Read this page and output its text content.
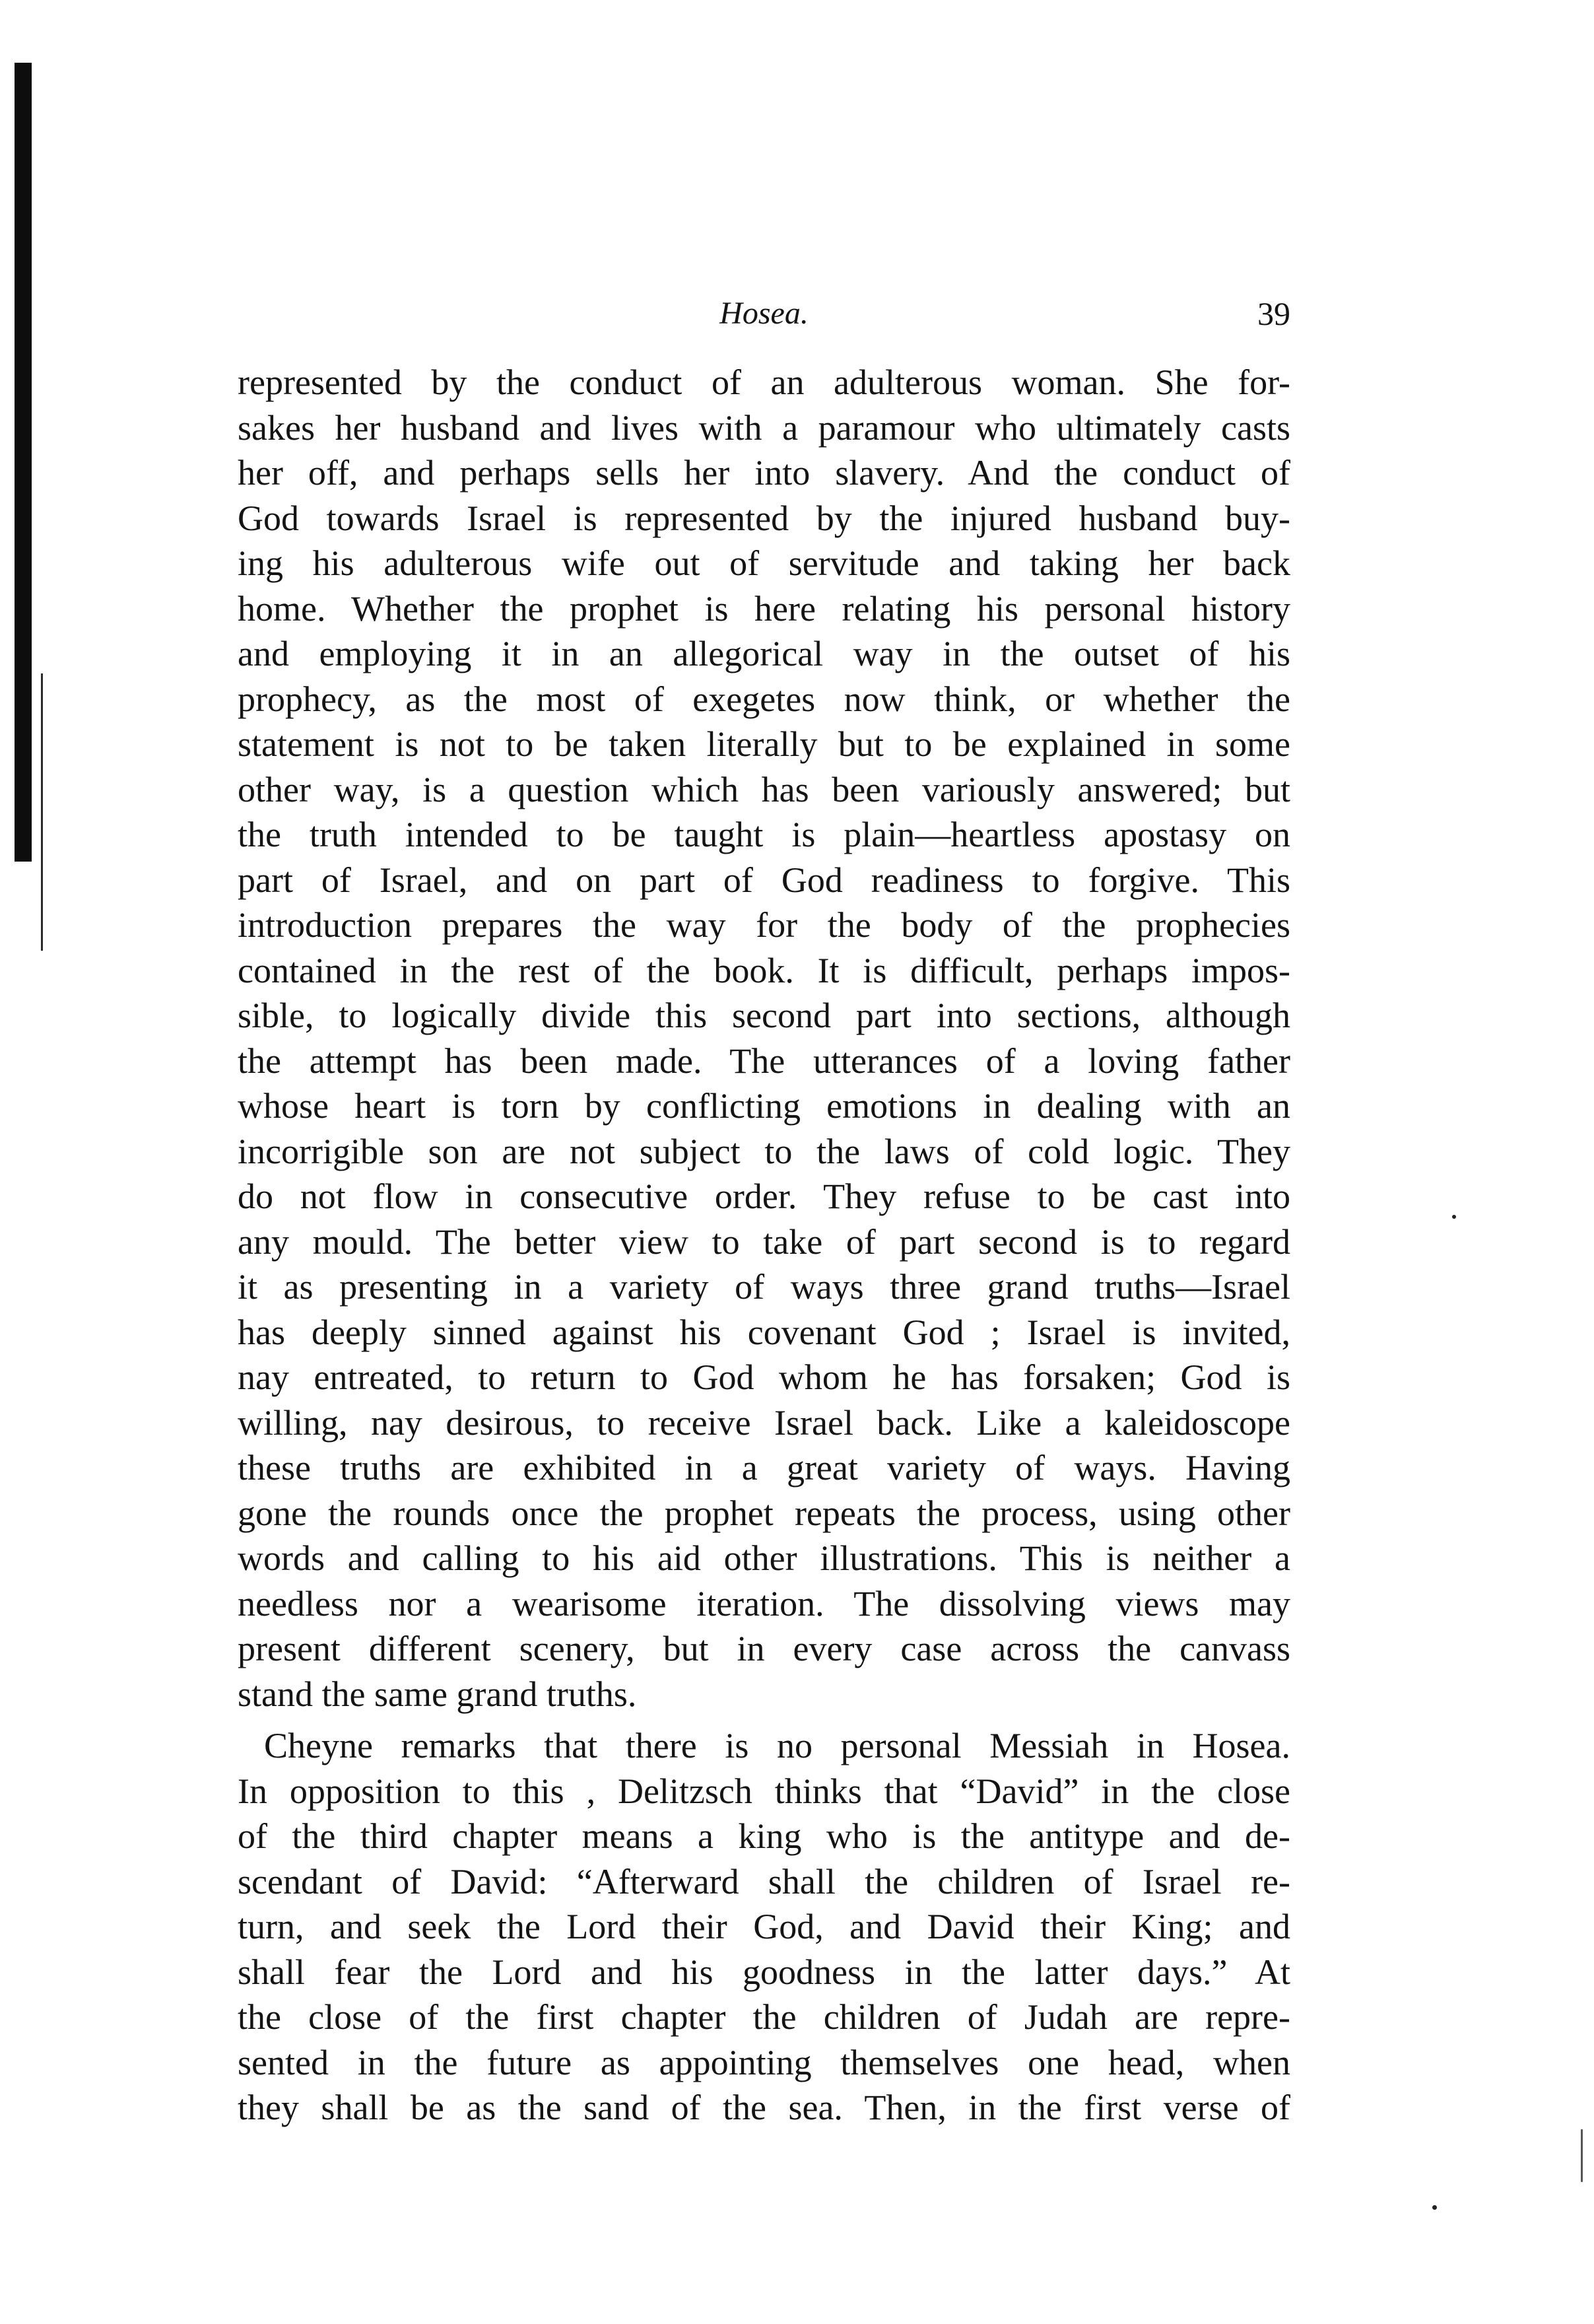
Hosea.	39
represented by the conduct of an adulterous woman. She for-
sakes her husband and lives with a paramour who ultimately casts
her off, and perhaps sells her into slavery. And the conduct of
God towards Israel is represented by the injured husband buy-
ing his adulterous wife out of servitude and taking her back
home. Whether the prophet is here relating his personal history
and employing it in an allegorical way in the outset of his
prophecy, as the most of exegetes now think, or whether the
statement is not to be taken literally but to be explained in some
other way, is a question which has been variously answered; but
the truth intended to be taught is plain—heartless apostasy on
part of Israel, and on part of God readiness to forgive. This
introduction prepares the way for the body of the prophecies
contained in the rest of the book. It is difficult, perhaps impos-
sible, to logically divide this second part into sections, although
the attempt has been made. The utterances of a loving father
whose heart is torn by conflicting emotions in dealing with an
incorrigible son are not subject to the laws of cold logic. They
do not flow in consecutive order. They refuse to be cast into
any mould. The better view to take of part second is to regard
it as presenting in a variety of ways three grand truths—Israel
has deeply sinned against his covenant God ; Israel is invited,
nay entreated, to return to God whom he has forsaken; God is
willing, nay desirous, to receive Israel back. Like a kaleidoscope
these truths are exhibited in a great variety of ways. Having
gone the rounds once the prophet repeats the process, using other
words and calling to his aid other illustrations. This is neither a
needless nor a wearisome iteration. The dissolving views may
present different scenery, but in every case across the canvass
stand the same grand truths.
Cheyne remarks that there is no personal Messiah in Hosea.
In opposition to this , Delitzsch thinks that “David” in the close
of the third chapter means a king who is the antitype and de-
scendant of David: “Afterward shall the children of Israel re-
turn, and seek the Lord their God, and David their King; and
shall fear the Lord and his goodness in the latter days.” At
the close of the first chapter the children of Judah are repre-
sented in the future as appointing themselves one head, when
they shall be as the sand of the sea. Then, in the first verse of
